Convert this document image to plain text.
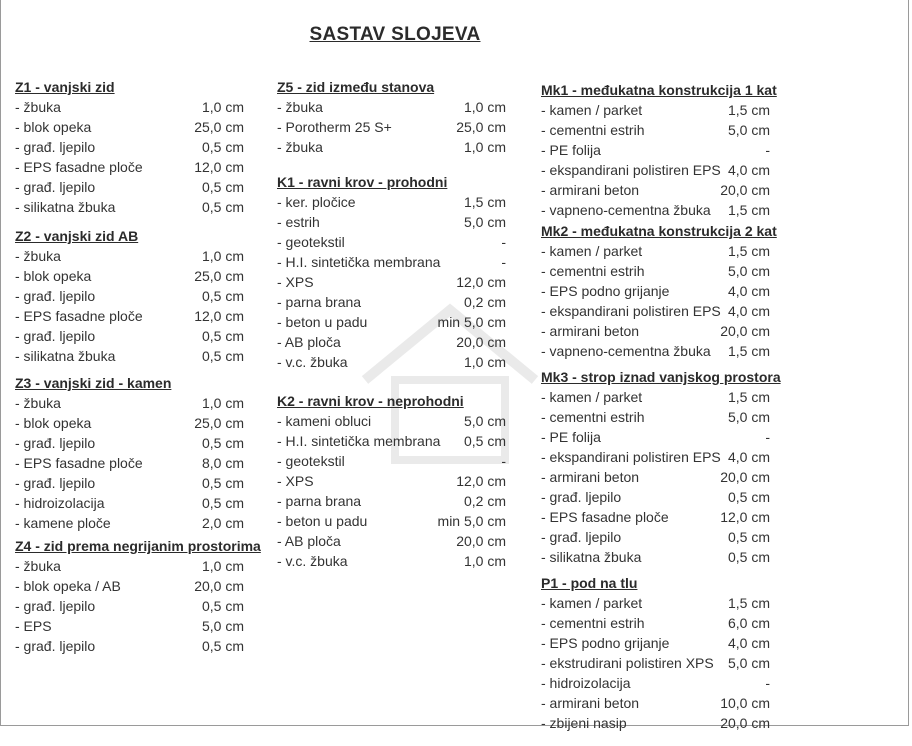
SASTAV SLOJEVA
Z1 - vanjski zid
- žbuka	1,0 cm
- blok opeka	25,0 cm
- građ. ljepilo	0,5 cm
- EPS fasadne ploče	12,0 cm
- građ. ljepilo	0,5 cm
- silikatna žbuka	0,5 cm
Z2 - vanjski zid AB
- žbuka	1,0 cm
- blok opeka	25,0 cm
- građ. ljepilo	0,5 cm
- EPS fasadne ploče	12,0 cm
- građ. ljepilo	0,5 cm
- silikatna žbuka	0,5 cm
Z3 - vanjski zid - kamen
- žbuka	1,0 cm
- blok opeka	25,0 cm
- građ. ljepilo	0,5 cm
- EPS fasadne ploče	8,0 cm
- građ. ljepilo	0,5 cm
- hidroizolacija	0,5 cm
- kamene ploče	2,0 cm
Z4 - zid prema negrijanim prostorima
- žbuka	1,0 cm
- blok opeka / AB	20,0 cm
- građ. ljepilo	0,5 cm
- EPS	5,0 cm
- građ. ljepilo	0,5 cm
Z5 - zid između stanova
- žbuka	1,0 cm
- Porotherm 25 S+	25,0 cm
- žbuka	1,0 cm
K1 - ravni krov - prohodni
- ker. pločice	1,5 cm
- estrih	5,0 cm
- geotekstil	-
- H.I. sintetička membrana	-
- XPS	12,0 cm
- parna brana	0,2 cm
- beton u padu	min 5,0 cm
- AB ploča	20,0 cm
- v.c. žbuka	1,0 cm
K2 - ravni krov - neprohodni
- kameni obluci	5,0 cm
- H.I. sintetička membrana 0,5 cm
- geotekstil	-
- XPS	12,0 cm
- parna brana	0,2 cm
- beton u padu	min 5,0 cm
- AB ploča	20,0 cm
- v.c. žbuka	1,0 cm
Mk1 - međukatna konstrukcija 1 kat
- kamen / parket	1,5 cm
- cementni estrih	5,0 cm
- PE folija	-
- ekspandirani polistiren EPS 4,0 cm
- armirani beton	20,0 cm
- vapneno-cementna žbuka 1,5 cm
Mk2 - međukatna konstrukcija 2 kat
- kamen / parket	1,5 cm
- cementni estrih	5,0 cm
- EPS podno grijanje	4,0 cm
- ekspandirani polistiren EPS 4,0 cm
- armirani beton	20,0 cm
- vapneno-cementna žbuka 1,5 cm
Mk3 - strop iznad vanjskog prostora
- kamen / parket	1,5 cm
- cementni estrih	5,0 cm
- PE folija	-
- ekspandirani polistiren EPS 4,0 cm
- armirani beton	20,0 cm
- građ. ljepilo	0,5 cm
- EPS fasadne ploče	12,0 cm
- građ. ljepilo	0,5 cm
- silikatna žbuka	0,5 cm
P1 - pod na tlu
- kamen / parket	1,5 cm
- cementni estrih	6,0 cm
- EPS podno grijanje	4,0 cm
- ekstrudirani polistiren XPS 5,0 cm
- hidroizolacija	-
- armirani beton	10,0 cm
- zbijeni nasip	20,0 cm
